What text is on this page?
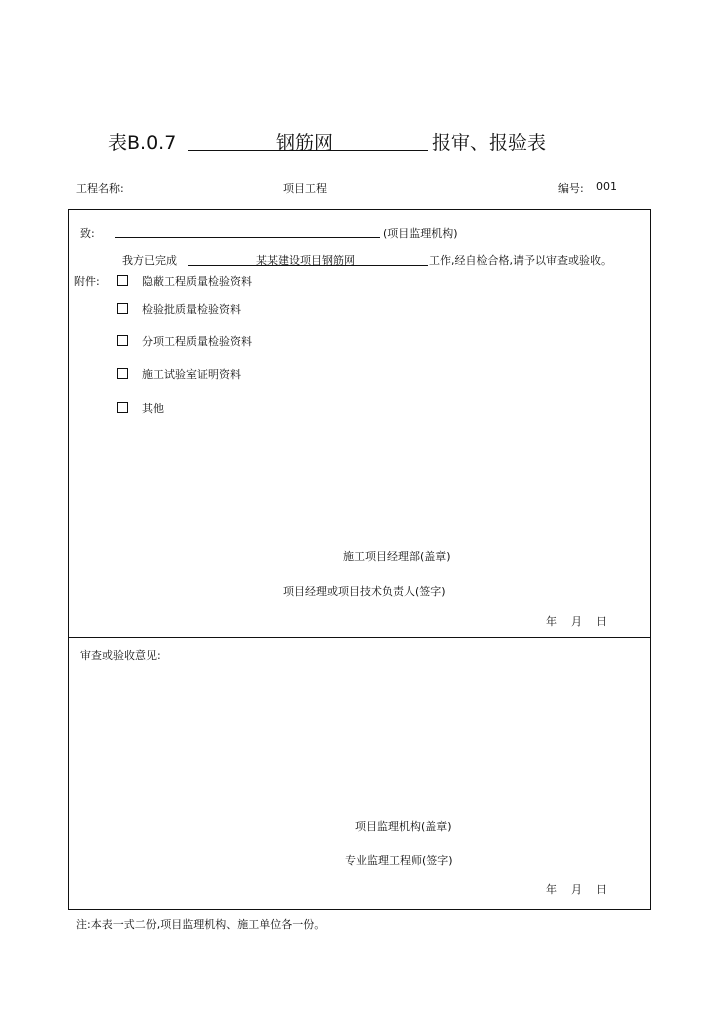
表B.0.7	钢筋网	报审、报验表
工程名称:	项目工程	编号: 001
致:	(项目监理机构)
我方已完成	某某建设项目钢筋网	工作,经自检合格,请予以审查或验收。
附件:	隐蔽工程质量检验资料
检验批质量检验资料
分项工程质量检验资料
施工试验室证明资料
其他
施工项目经理部(盖章)
项目经理或项目技术负责人(签字)
年    月    日
审查或验收意见:
项目监理机构(盖章)
专业监理工程师(签字)
年    月    日
注:本表一式二份,项目监理机构、施工单位各一份。
